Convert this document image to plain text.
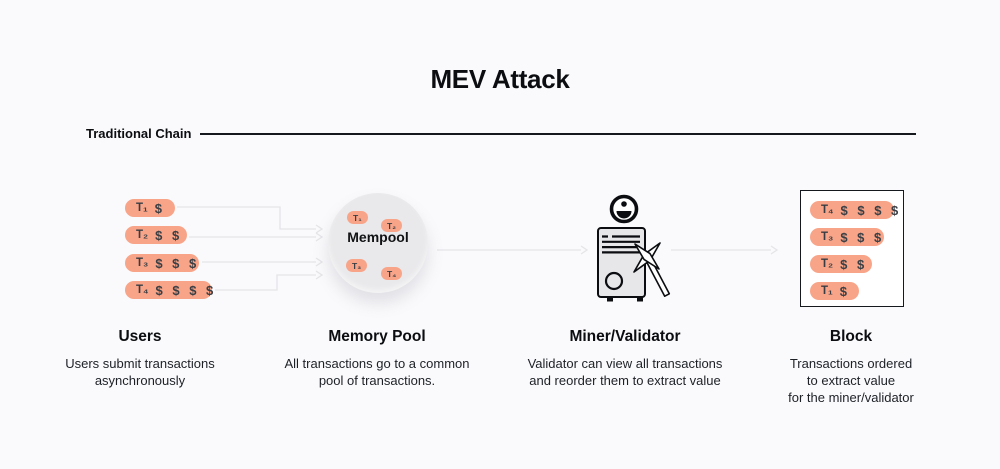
MEV Attack
Traditional Chain
T₁ $
T₂ $ $
T₃ $ $ $
T₄ $ $ $ $
T₁
T₂
T₃
T₄
Mempool
T₄ $ $ $ $
T₃ $ $ $
T₂ $ $
T₁ $
Users
Users submit transactions
asynchronously
Memory Pool
All transactions go to a common
pool of transactions.
Miner/Validator
Validator can view all transactions
and reorder them to extract value
Block
Transactions ordered
to extract value
for the miner/validator
